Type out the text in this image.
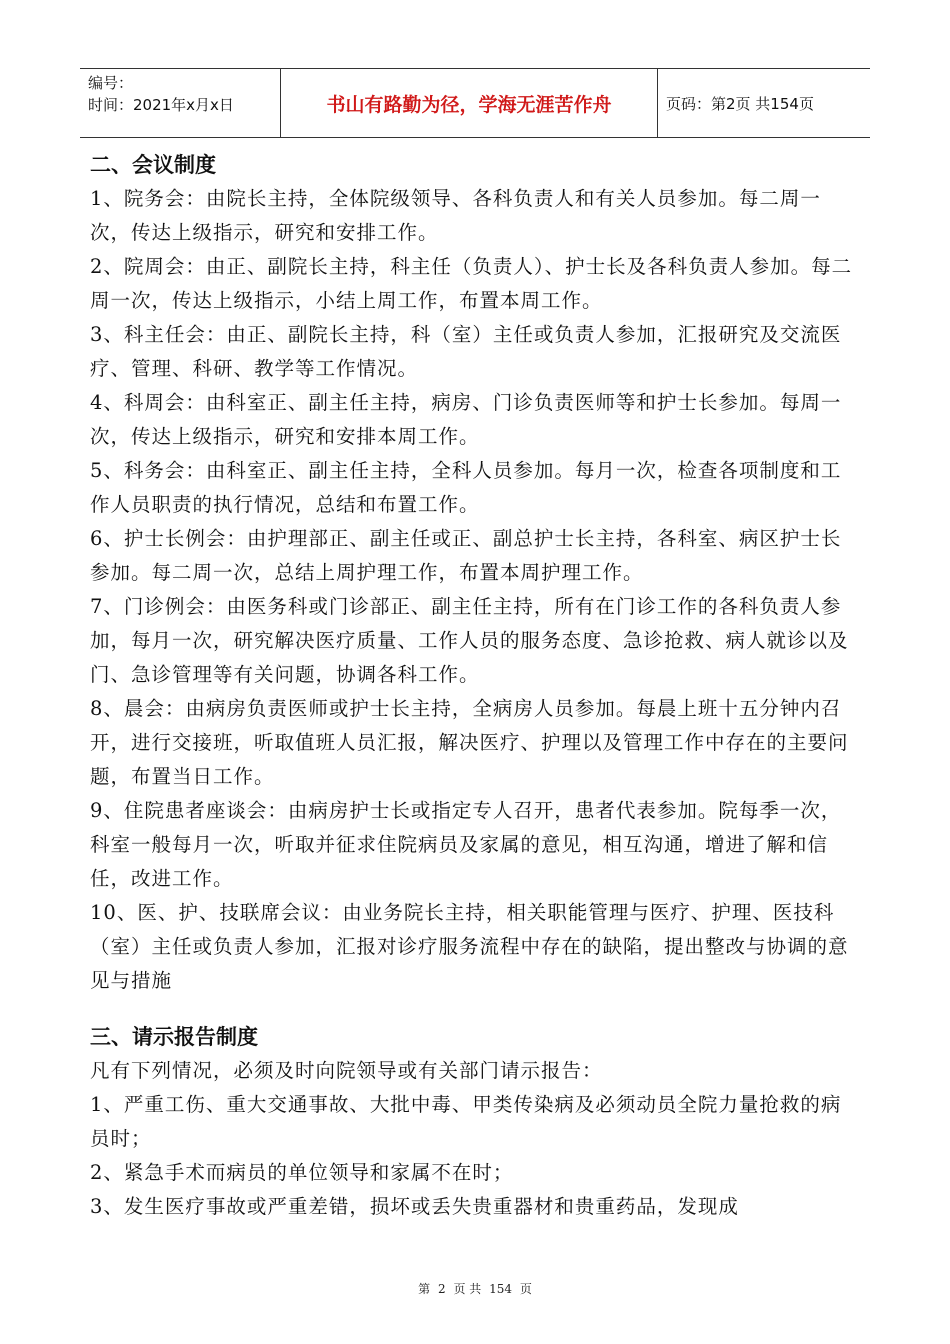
编号：
时间：2021年x月x日	书山有路勤为径，学海无涯苦作舟	页码：第2页 共154页
二、会议制度

1、院务会：由院长主持，全体院级领导、各科负责人和有关人员参加。每二周一次，传达上级指示，研究和安排工作。

2、院周会：由正、副院长主持，科主任（负责人）、护士长及各科负责人参加。每二周一次，传达上级指示，小结上周工作，布置本周工作。

3、科主任会：由正、副院长主持，科（室）主任或负责人参加，汇报研究及交流医疗、管理、科研、教学等工作情况。

4、科周会：由科室正、副主任主持，病房、门诊负责医师等和护士长参加。每周一次，传达上级指示，研究和安排本周工作。

5、科务会：由科室正、副主任主持，全科人员参加。每月一次，检查各项制度和工作人员职责的执行情况，总结和布置工作。

6、护士长例会：由护理部正、副主任或正、副总护士长主持，各科室、病区护士长参加。每二周一次，总结上周护理工作，布置本周护理工作。

7、门诊例会：由医务科或门诊部正、副主任主持，所有在门诊工作的各科负责人参加，每月一次，研究解决医疗质量、工作人员的服务态度、急诊抢救、病人就诊以及门、急诊管理等有关问题，协调各科工作。

8、晨会：由病房负责医师或护士长主持，全病房人员参加。每晨上班十五分钟内召开，进行交接班，听取值班人员汇报，解决医疗、护理以及管理工作中存在的主要问题，布置当日工作。

9、住院患者座谈会：由病房护士长或指定专人召开，患者代表参加。院每季一次，科室一般每月一次，听取并征求住院病员及家属的意见，相互沟通，增进了解和信任，改进工作。

10、医、护、技联席会议：由业务院长主持，相关职能管理与医疗、护理、医技科（室）主任或负责人参加，汇报对诊疗服务流程中存在的缺陷，提出整改与协调的意见与措施

三、请示报告制度

凡有下列情况，必须及时向院领导或有关部门请示报告：

1、严重工伤、重大交通事故、大批中毒、甲类传染病及必须动员全院力量抢救的病员时；

2、紧急手术而病员的单位领导和家属不在时；

3、发生医疗事故或严重差错，损坏或丢失贵重器材和贵重药品，发现成

第 2 页 共 154 页
